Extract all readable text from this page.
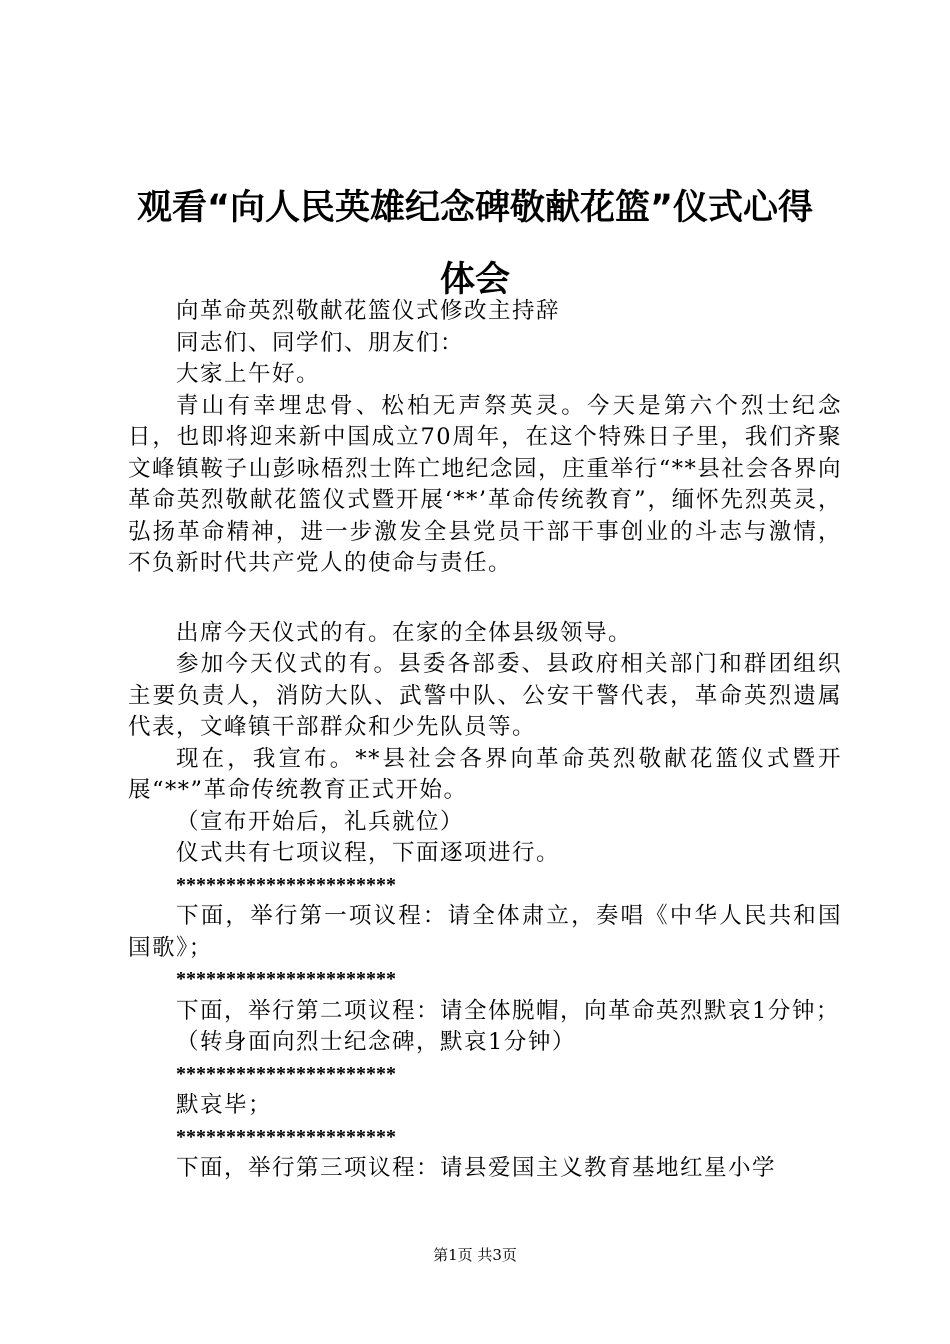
观看“向人民英雄纪念碑敬献花篮”仪式心得
体会

向革命英烈敬献花篮仪式修改主持辞

同志们、同学们、朋友们：

大家上午好。

青山有幸埋忠骨、松柏无声祭英灵。今天是第六个烈士纪念日，也即将迎来新中国成立70周年，在这个特殊日子里，我们齐聚文峰镇鞍子山彭咏梧烈士阵亡地纪念园，庄重举行“**县社会各界向革命英烈敬献花篮仪式暨开展‘**’革命传统教育”，缅怀先烈英灵，弘扬革命精神，进一步激发全县党员干部干事创业的斗志与激情，不负新时代共产党人的使命与责任。

出席今天仪式的有。在家的全体县级领导。

参加今天仪式的有。县委各部委、县政府相关部门和群团组织主要负责人，消防大队、武警中队、公安干警代表，革命英烈遗属代表，文峰镇干部群众和少先队员等。

现在，我宣布。**县社会各界向革命英烈敬献花篮仪式暨开展“**”革命传统教育正式开始。

（宣布开始后，礼兵就位）

仪式共有七项议程，下面逐项进行。

**********************

下面，举行第一项议程：请全体肃立，奏唱《中华人民共和国国歌》；

**********************

下面，举行第二项议程：请全体脱帽，向革命英烈默哀1分钟；

（转身面向烈士纪念碑，默哀1分钟）

**********************

默哀毕；

**********************

下面，举行第三项议程：请县爱国主义教育基地红星小学

第1页 共3页
